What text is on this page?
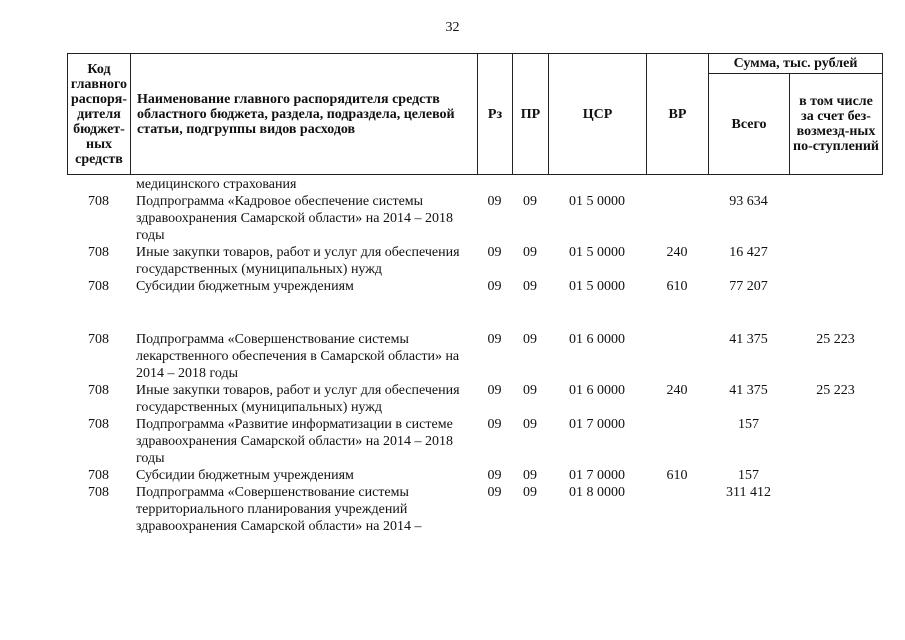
32
Код главного распоря-дителя бюджет-ных средств	Наименование главного распорядителя средств областного бюджета, раздела, подраздела, целевой статьи, подгруппы видов расходов	Рз	ПР	ЦСР	ВР	Сумма, тыс. рублей	
						Всего	в том числе за счет без-возмезд-ных по-ступлений
	медицинского страхования						
708	Подпрограмма «Кадровое обеспечение системы здравоохранения Самарской области» на 2014 – 2018 годы	09	09	01 5 0000		93 634	
708	Иные закупки товаров, работ и услуг для обеспечения государственных (муниципальных) нужд	09	09	01 5 0000	240	16 427	
708	Субсидии бюджетным учреждениям	09	09	01 5 0000	610	77 207	

708	Подпрограмма «Совершенствование системы лекарственного обеспечения в Самарской области» на 2014 – 2018 годы	09	09	01 6 0000		41 375	25 223
708	Иные закупки товаров, работ и услуг для обеспечения государственных (муниципальных) нужд	09	09	01 6 0000	240	41 375	25 223
708	Подпрограмма «Развитие информатизации в системе здравоохранения Самарской области» на 2014 – 2018 годы	09	09	01 7 0000		157	
708	Субсидии бюджетным учреждениям	09	09	01 7 0000	610	157	
708	Подпрограмма «Совершенствование системы территориального планирования учреждений здравоохранения Самарской области» на 2014 –	09	09	01 8 0000		311 412	
